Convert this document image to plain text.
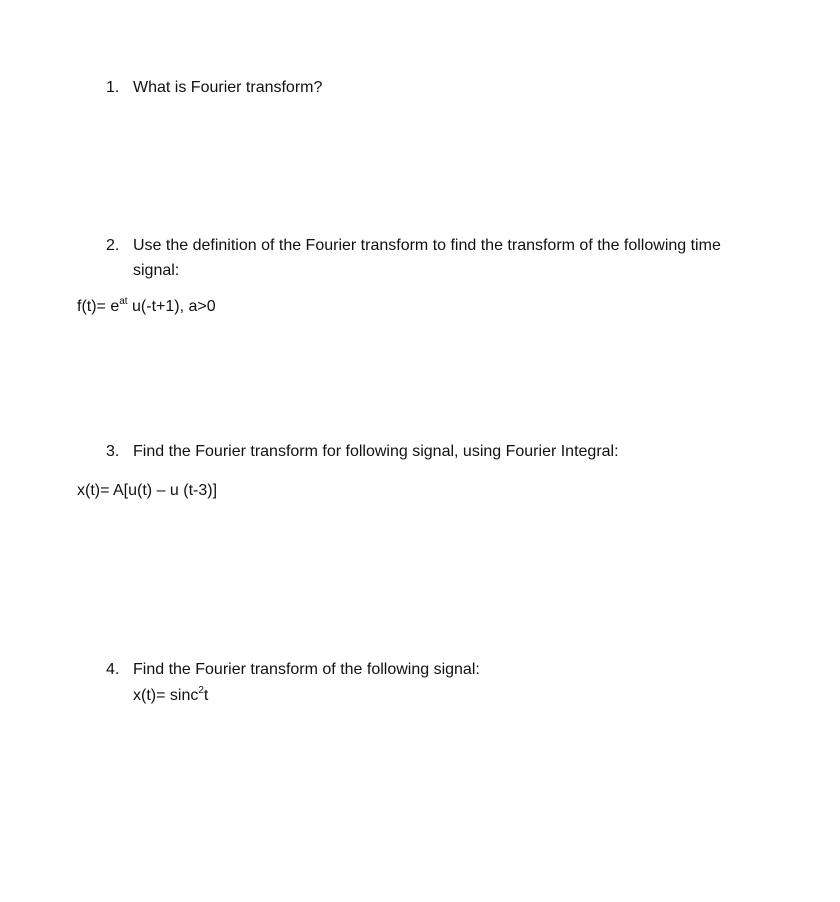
1. What is Fourier transform?
2. Use the definition of the Fourier transform to find the transform of the following time
signal:
$f(t)= e^{at}$ u(-t+1), a>0
3. Find the Fourier transform for following signal, using Fourier Integral:
x(t)= A[u(t) – u (t-3)]
4. Find the Fourier transform of the following signal:
x(t)= sinc$^2$t
